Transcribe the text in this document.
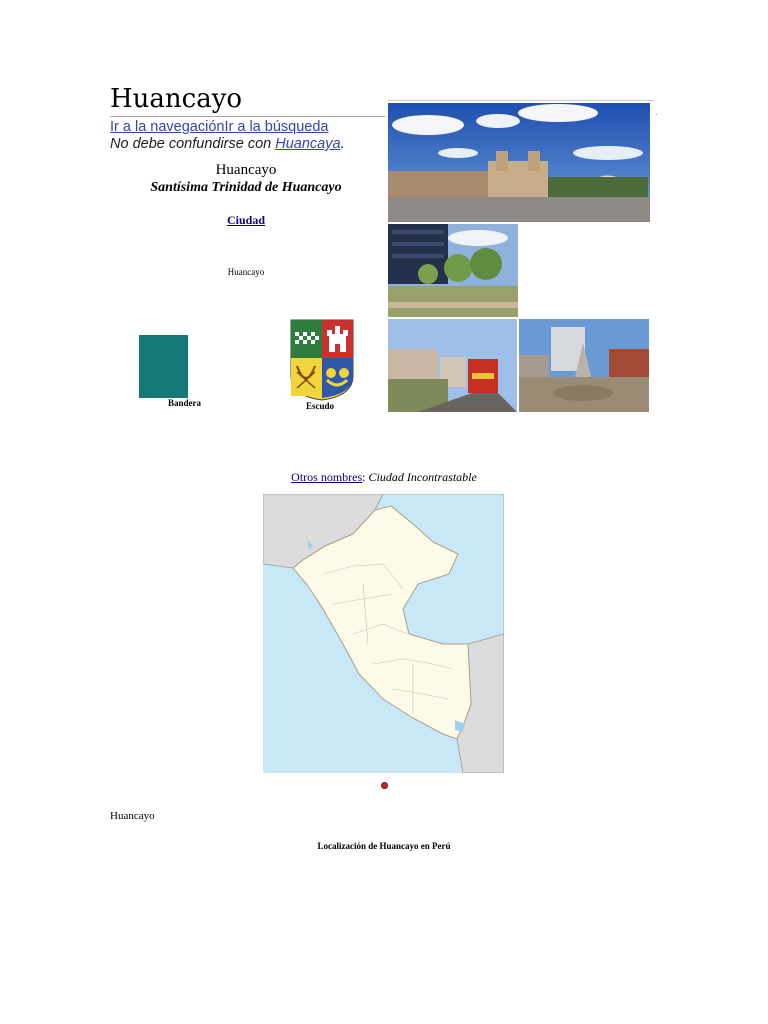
Huancayo
Ir a la navegaciónIr a la búsqueda
No debe confundirse con Huancaya.
Huancayo
Santísima Trinidad de Huancayo
Ciudad
Huancayo
Bandera	Escudo
Otros nombres: Ciudad Incontrastable
Huancayo
Localización de Huancayo en Perú
